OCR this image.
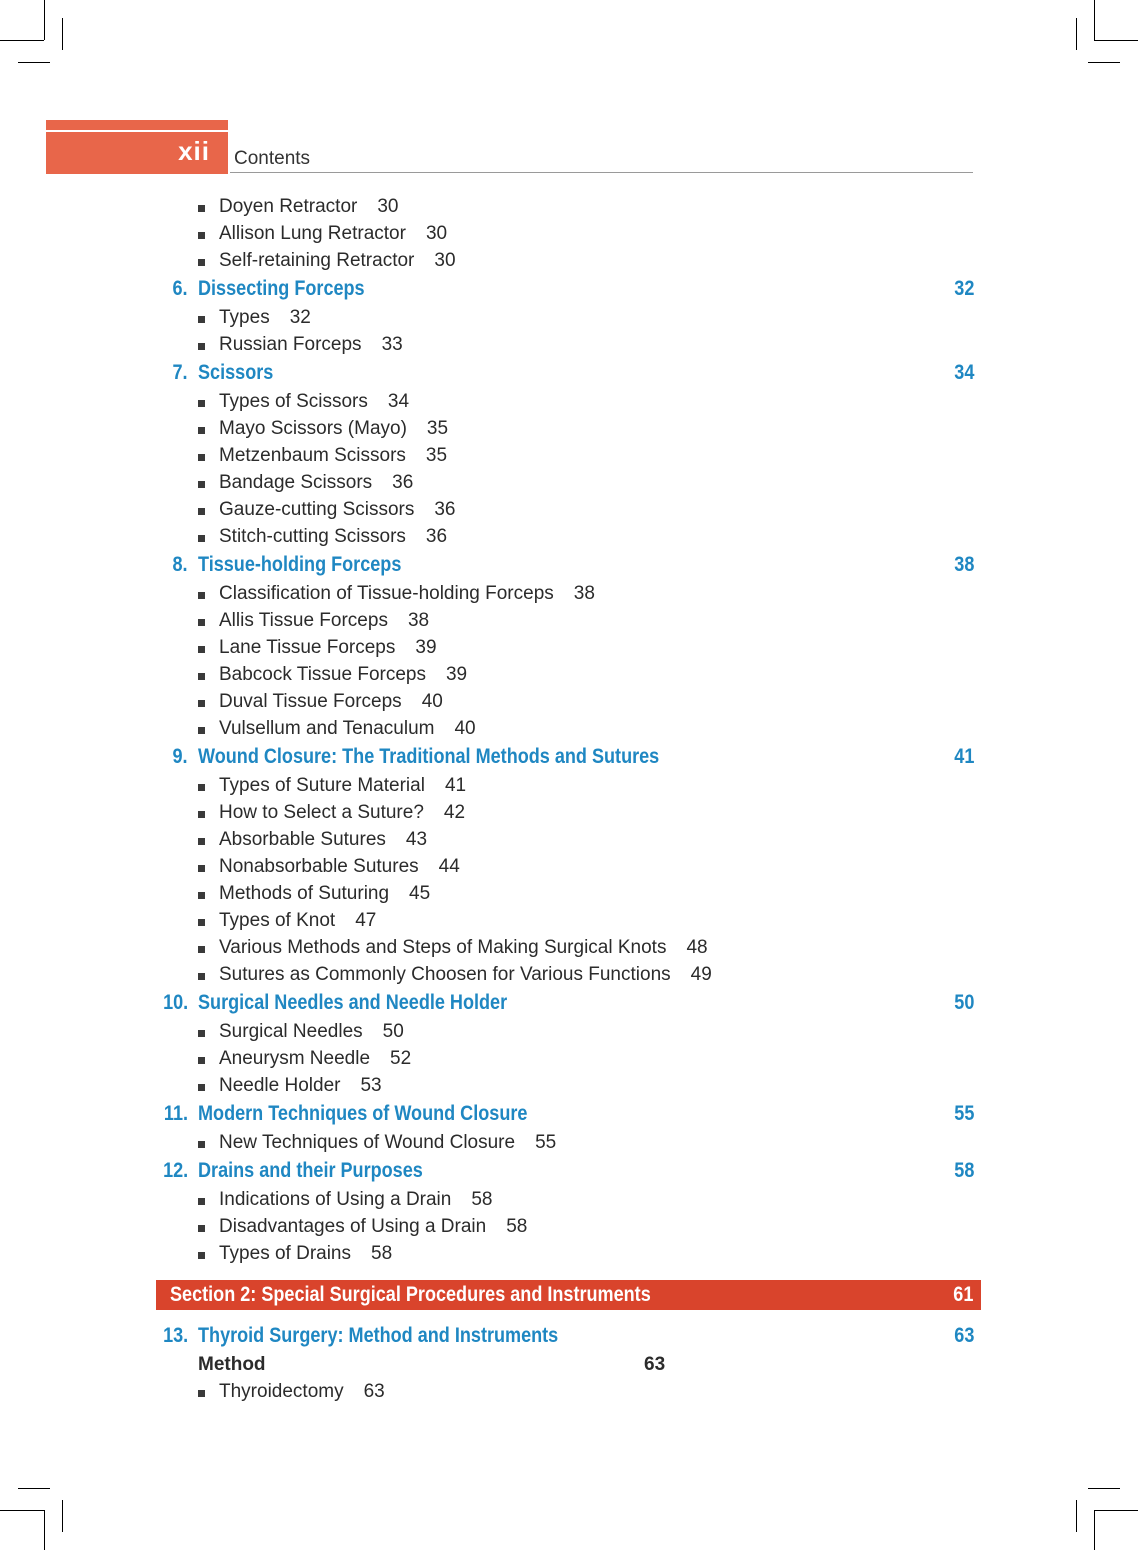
xii Contents
Doyen Retractor 30
Allison Lung Retractor 30
Self-retaining Retractor 30
6. Dissecting Forceps	32
Types 32
Russian Forceps 33
7. Scissors	34
Types of Scissors 34
Mayo Scissors (Mayo) 35
Metzenbaum Scissors 35
Bandage Scissors 36
Gauze-cutting Scissors 36
Stitch-cutting Scissors 36
8. Tissue-holding Forceps	38
Classification of Tissue-holding Forceps 38
Allis Tissue Forceps 38
Lane Tissue Forceps 39
Babcock Tissue Forceps 39
Duval Tissue Forceps 40
Vulsellum and Tenaculum 40
9. Wound Closure: The Traditional Methods and Sutures	41
Types of Suture Material 41
How to Select a Suture? 42
Absorbable Sutures 43
Nonabsorbable Sutures 44
Methods of Suturing 45
Types of Knot 47
Various Methods and Steps of Making Surgical Knots 48
Sutures as Commonly Choosen for Various Functions 49
10. Surgical Needles and Needle Holder	50
Surgical Needles 50
Aneurysm Needle 52
Needle Holder 53
11. Modern Techniques of Wound Closure	55
New Techniques of Wound Closure 55
12. Drains and their Purposes	58
Indications of Using a Drain 58
Disadvantages of Using a Drain 58
Types of Drains 58
Section 2: Special Surgical Procedures and Instruments	61
13. Thyroid Surgery: Method and Instruments	63
Method	63
Thyroidectomy 63
